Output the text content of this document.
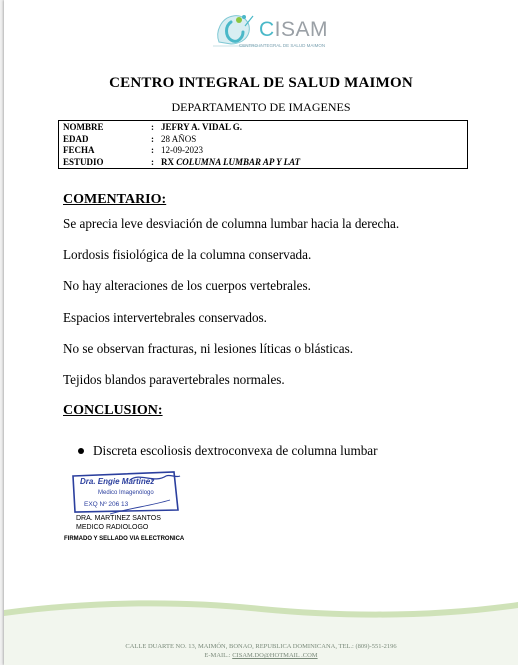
CISAM
CENTRO INTEGRAL DE SALUD MAIMON
CENTRO INTEGRAL DE SALUD MAIMON
DEPARTAMENTO DE IMAGENES
NOMBRE	: JEFRY A. VIDAL G.
EDAD	: 28 AÑOS
FECHA	: 12-09-2023
ESTUDIO	: RX COLUMNA LUMBAR AP Y LAT
COMENTARIO:
Se aprecia leve desviación de columna lumbar hacia la derecha.
Lordosis fisiológica de la columna conservada.
No hay alteraciones de los cuerpos vertebrales.
Espacios intervertebrales conservados.
No se observan fracturas, ni lesiones líticas o blásticas.
Tejidos blandos paravertebrales normales.
CONCLUSION:
Discreta escoliosis dextroconvexa de columna lumbar
Dra. Engie Martinez
Medico Imagenólogo
EXQ Nº 206 13
DRA. MARTINEZ SANTOS
MEDICO RADIOLOGO
FIRMADO Y SELLADO VIA ELECTRONICA
CALLE DUARTE NO. 13, MAIMÓN, BONAO, REPUBLICA DOMINICANA, TEL.: (809)-551-2196
E-MAIL.: CISAM.DO@HOTMAIL .COM
